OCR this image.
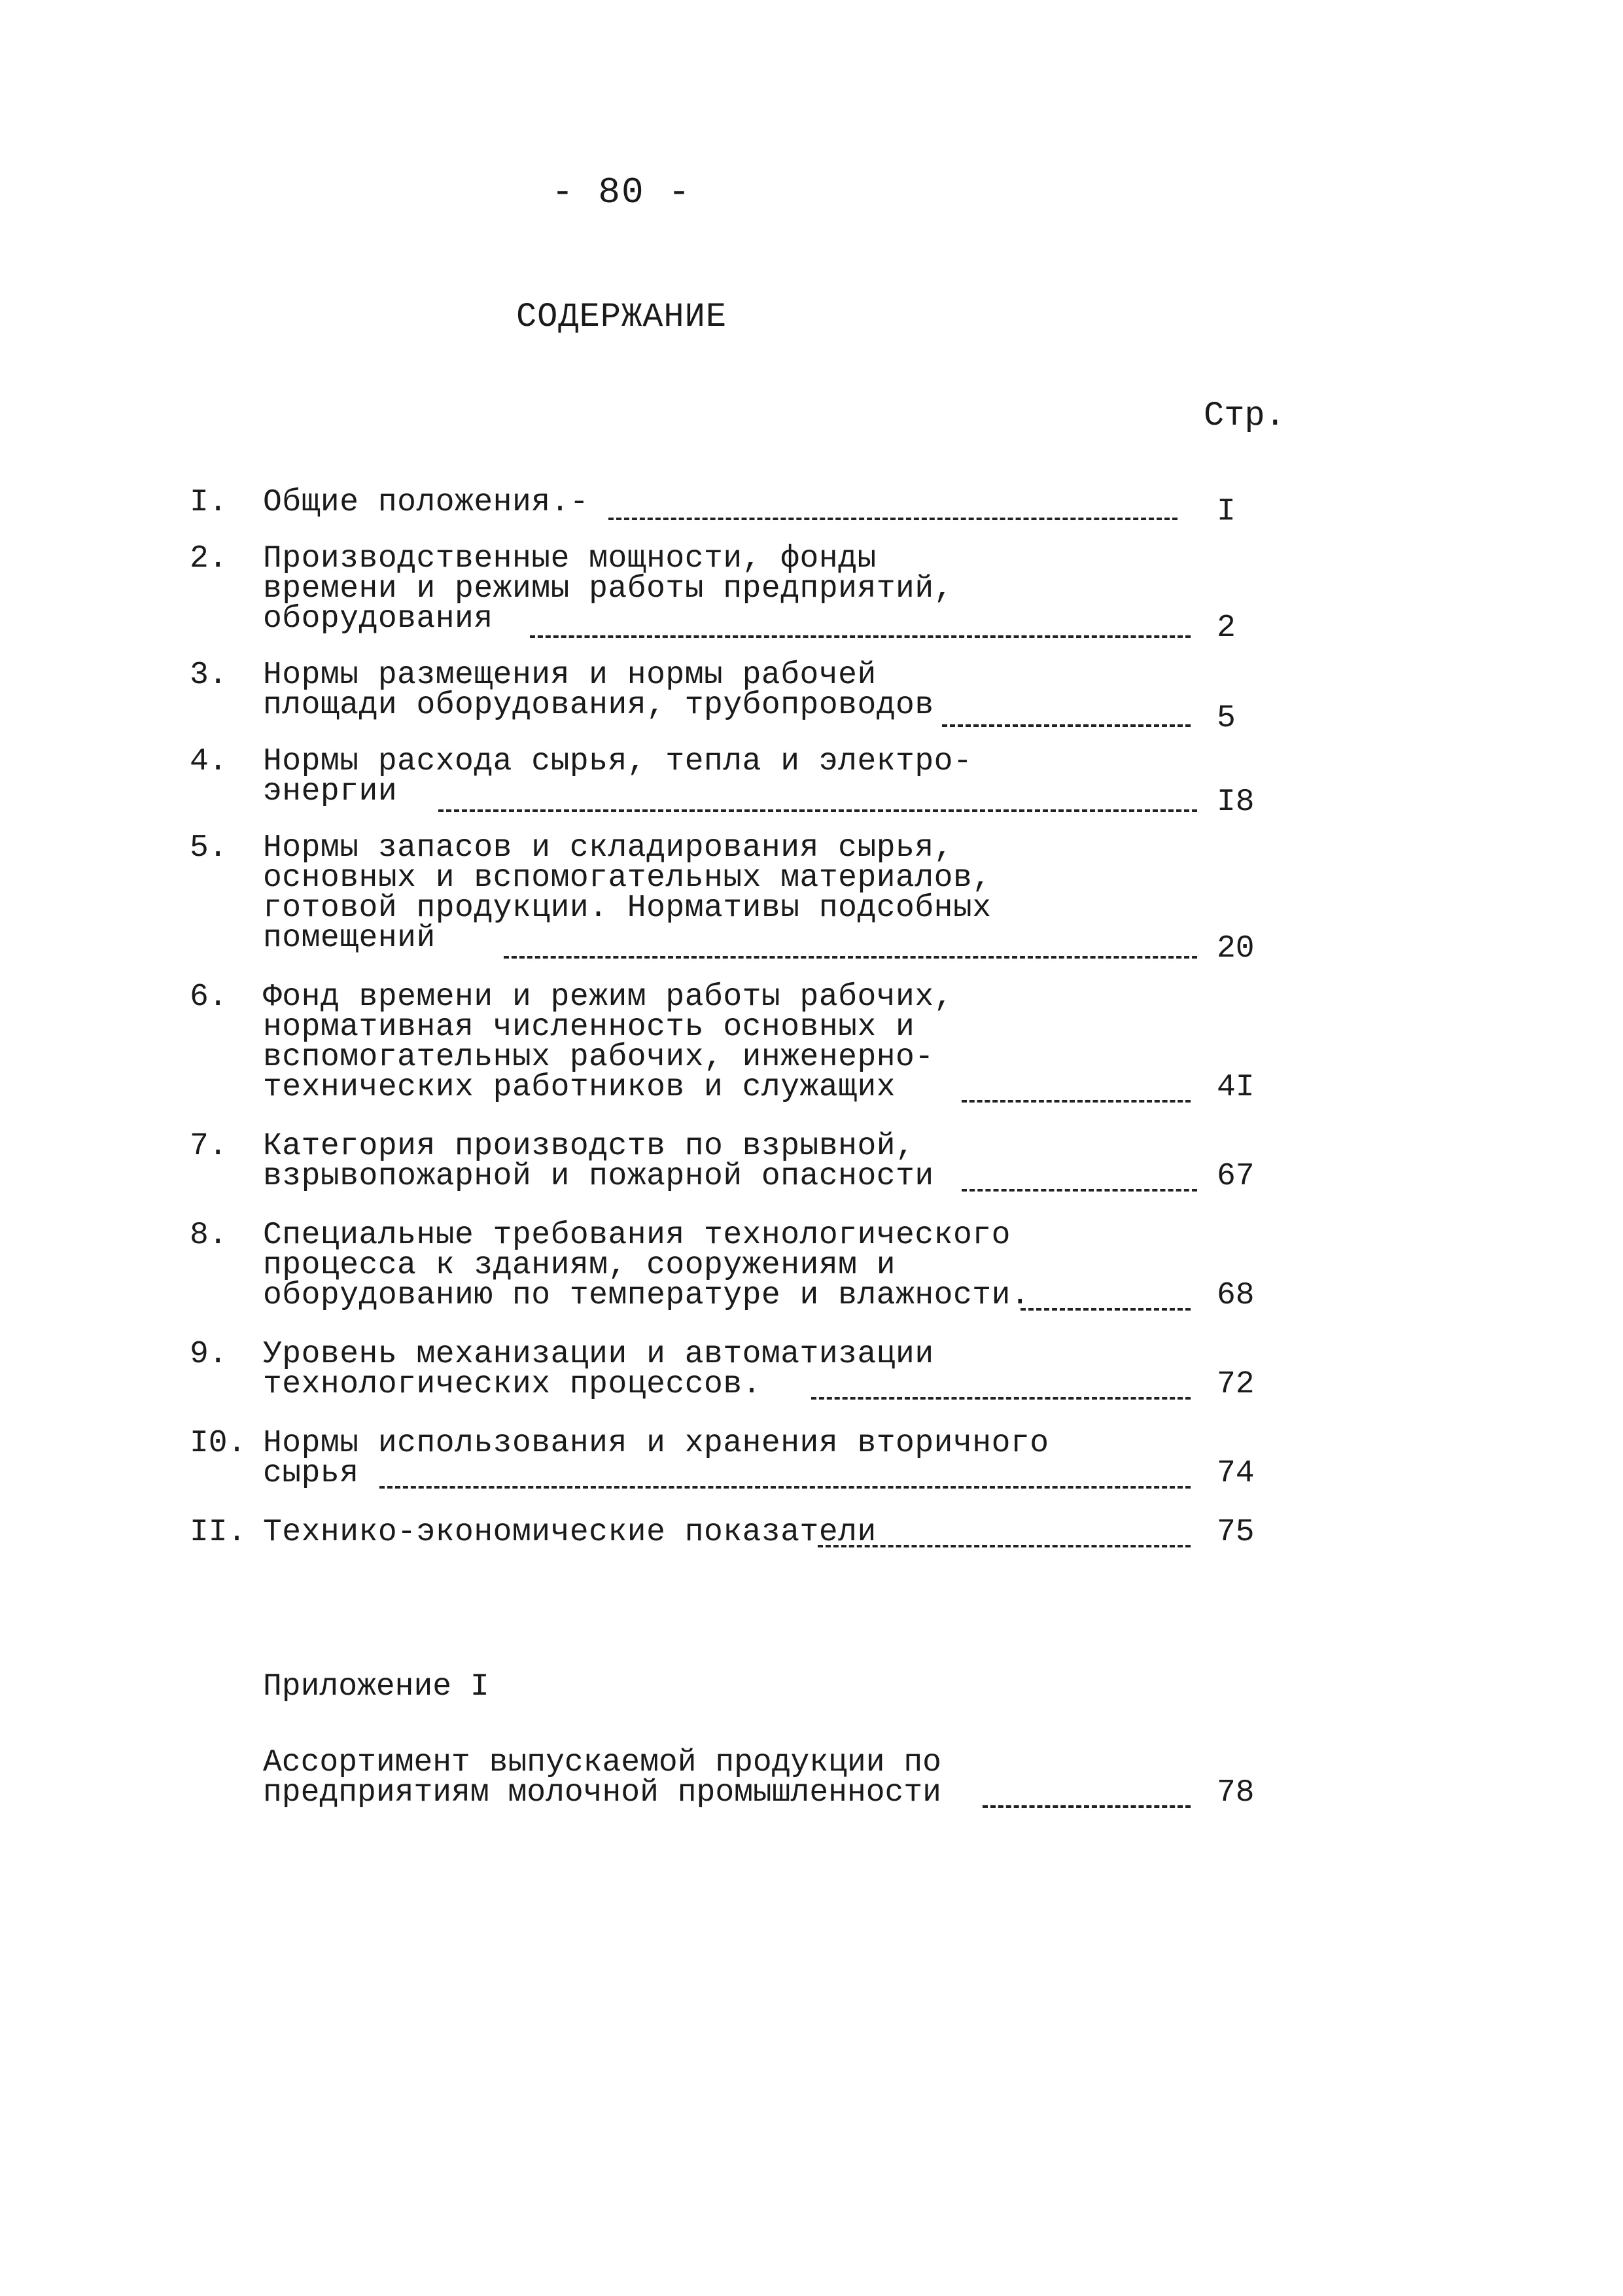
- 80 -
СОДЕРЖАНИЕ
Стр.
I. Общие положения.-	I
2. Производственные мощности, фонды
времени и режимы работы предприятий,
оборудования	2
3. Нормы размещения и нормы рабочей
площади оборудования, трубопроводов	5
4. Нормы расхода сырья, тепла и электро-
энергии	I8
5. Нормы запасов и складирования сырья,
основных и вспомогательных материалов,
готовой продукции. Нормативы подсобных
помещений	20
6. Фонд времени и режим работы рабочих,
нормативная численность основных и
вспомогательных рабочих, инженерно-
технических работников и служащих	4I
7. Категория производств по взрывной,
взрывопожарной и пожарной опасности	67
8. Специальные требования технологического
процесса к зданиям, сооружениям и
оборудованию по температуре и влажности.	68
9. Уровень механизации и автоматизации
технологических процессов.	72
I0. Нормы использования и хранения вторичного
сырья	74
II. Технико-экономические показатели	75
Приложение I
Ассортимент выпускаемой продукции по
предприятиям молочной промышленности	78
